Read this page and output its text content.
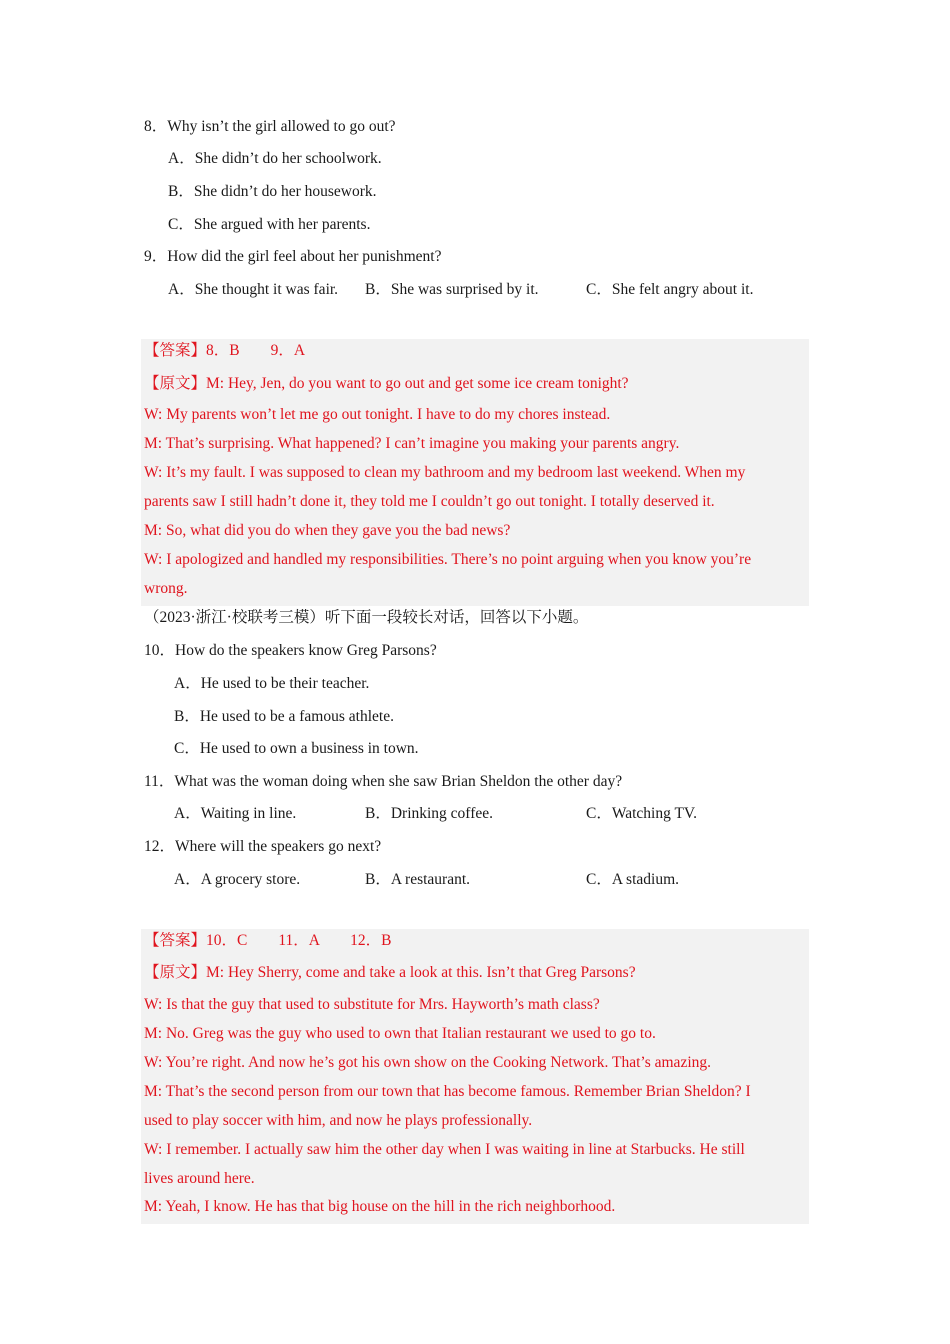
8．Why isn’t the girl allowed to go out?
A．She didn’t do her schoolwork.
B．She didn’t do her housework.
C．She argued with her parents.
9．How did the girl feel about her punishment?
A．She thought it was fair. B．She was surprised by it.	C．She felt angry about it.
【答案】8．B　　9．A
【原文】M: Hey, Jen, do you want to go out and get some ice cream tonight?
W: My parents won’t let me go out tonight. I have to do my chores instead.
M: That’s surprising. What happened? I can’t imagine you making your parents angry.
W: It’s my fault. I was supposed to clean my bathroom and my bedroom last weekend. When my
parents saw I still hadn’t done it, they told me I couldn’t go out tonight. I totally deserved it.
M: So, what did you do when they gave you the bad news?
W: I apologized and handled my responsibilities. There’s no point arguing when you know you’re
wrong.
（2023·浙江·校联考三模）听下面一段较长对话，回答以下小题。
10．How do the speakers know Greg Parsons?
A．He used to be their teacher.
B．He used to be a famous athlete.
C．He used to own a business in town.
11．What was the woman doing when she saw Brian Sheldon the other day?
A．Waiting in line.	B．Drinking coffee.	C．Watching TV.
12．Where will the speakers go next?
A．A grocery store.	B．A restaurant.	C．A stadium.
【答案】10．C　　11．A　　12．B
【原文】M: Hey Sherry, come and take a look at this. Isn’t that Greg Parsons?
W: Is that the guy that used to substitute for Mrs. Hayworth’s math class?
M: No. Greg was the guy who used to own that Italian restaurant we used to go to.
W: You’re right. And now he’s got his own show on the Cooking Network. That’s amazing.
M: That’s the second person from our town that has become famous. Remember Brian Sheldon? I
used to play soccer with him, and now he plays professionally.
W: I remember. I actually saw him the other day when I was waiting in line at Starbucks. He still
lives around here.
M: Yeah, I know. He has that big house on the hill in the rich neighborhood.
